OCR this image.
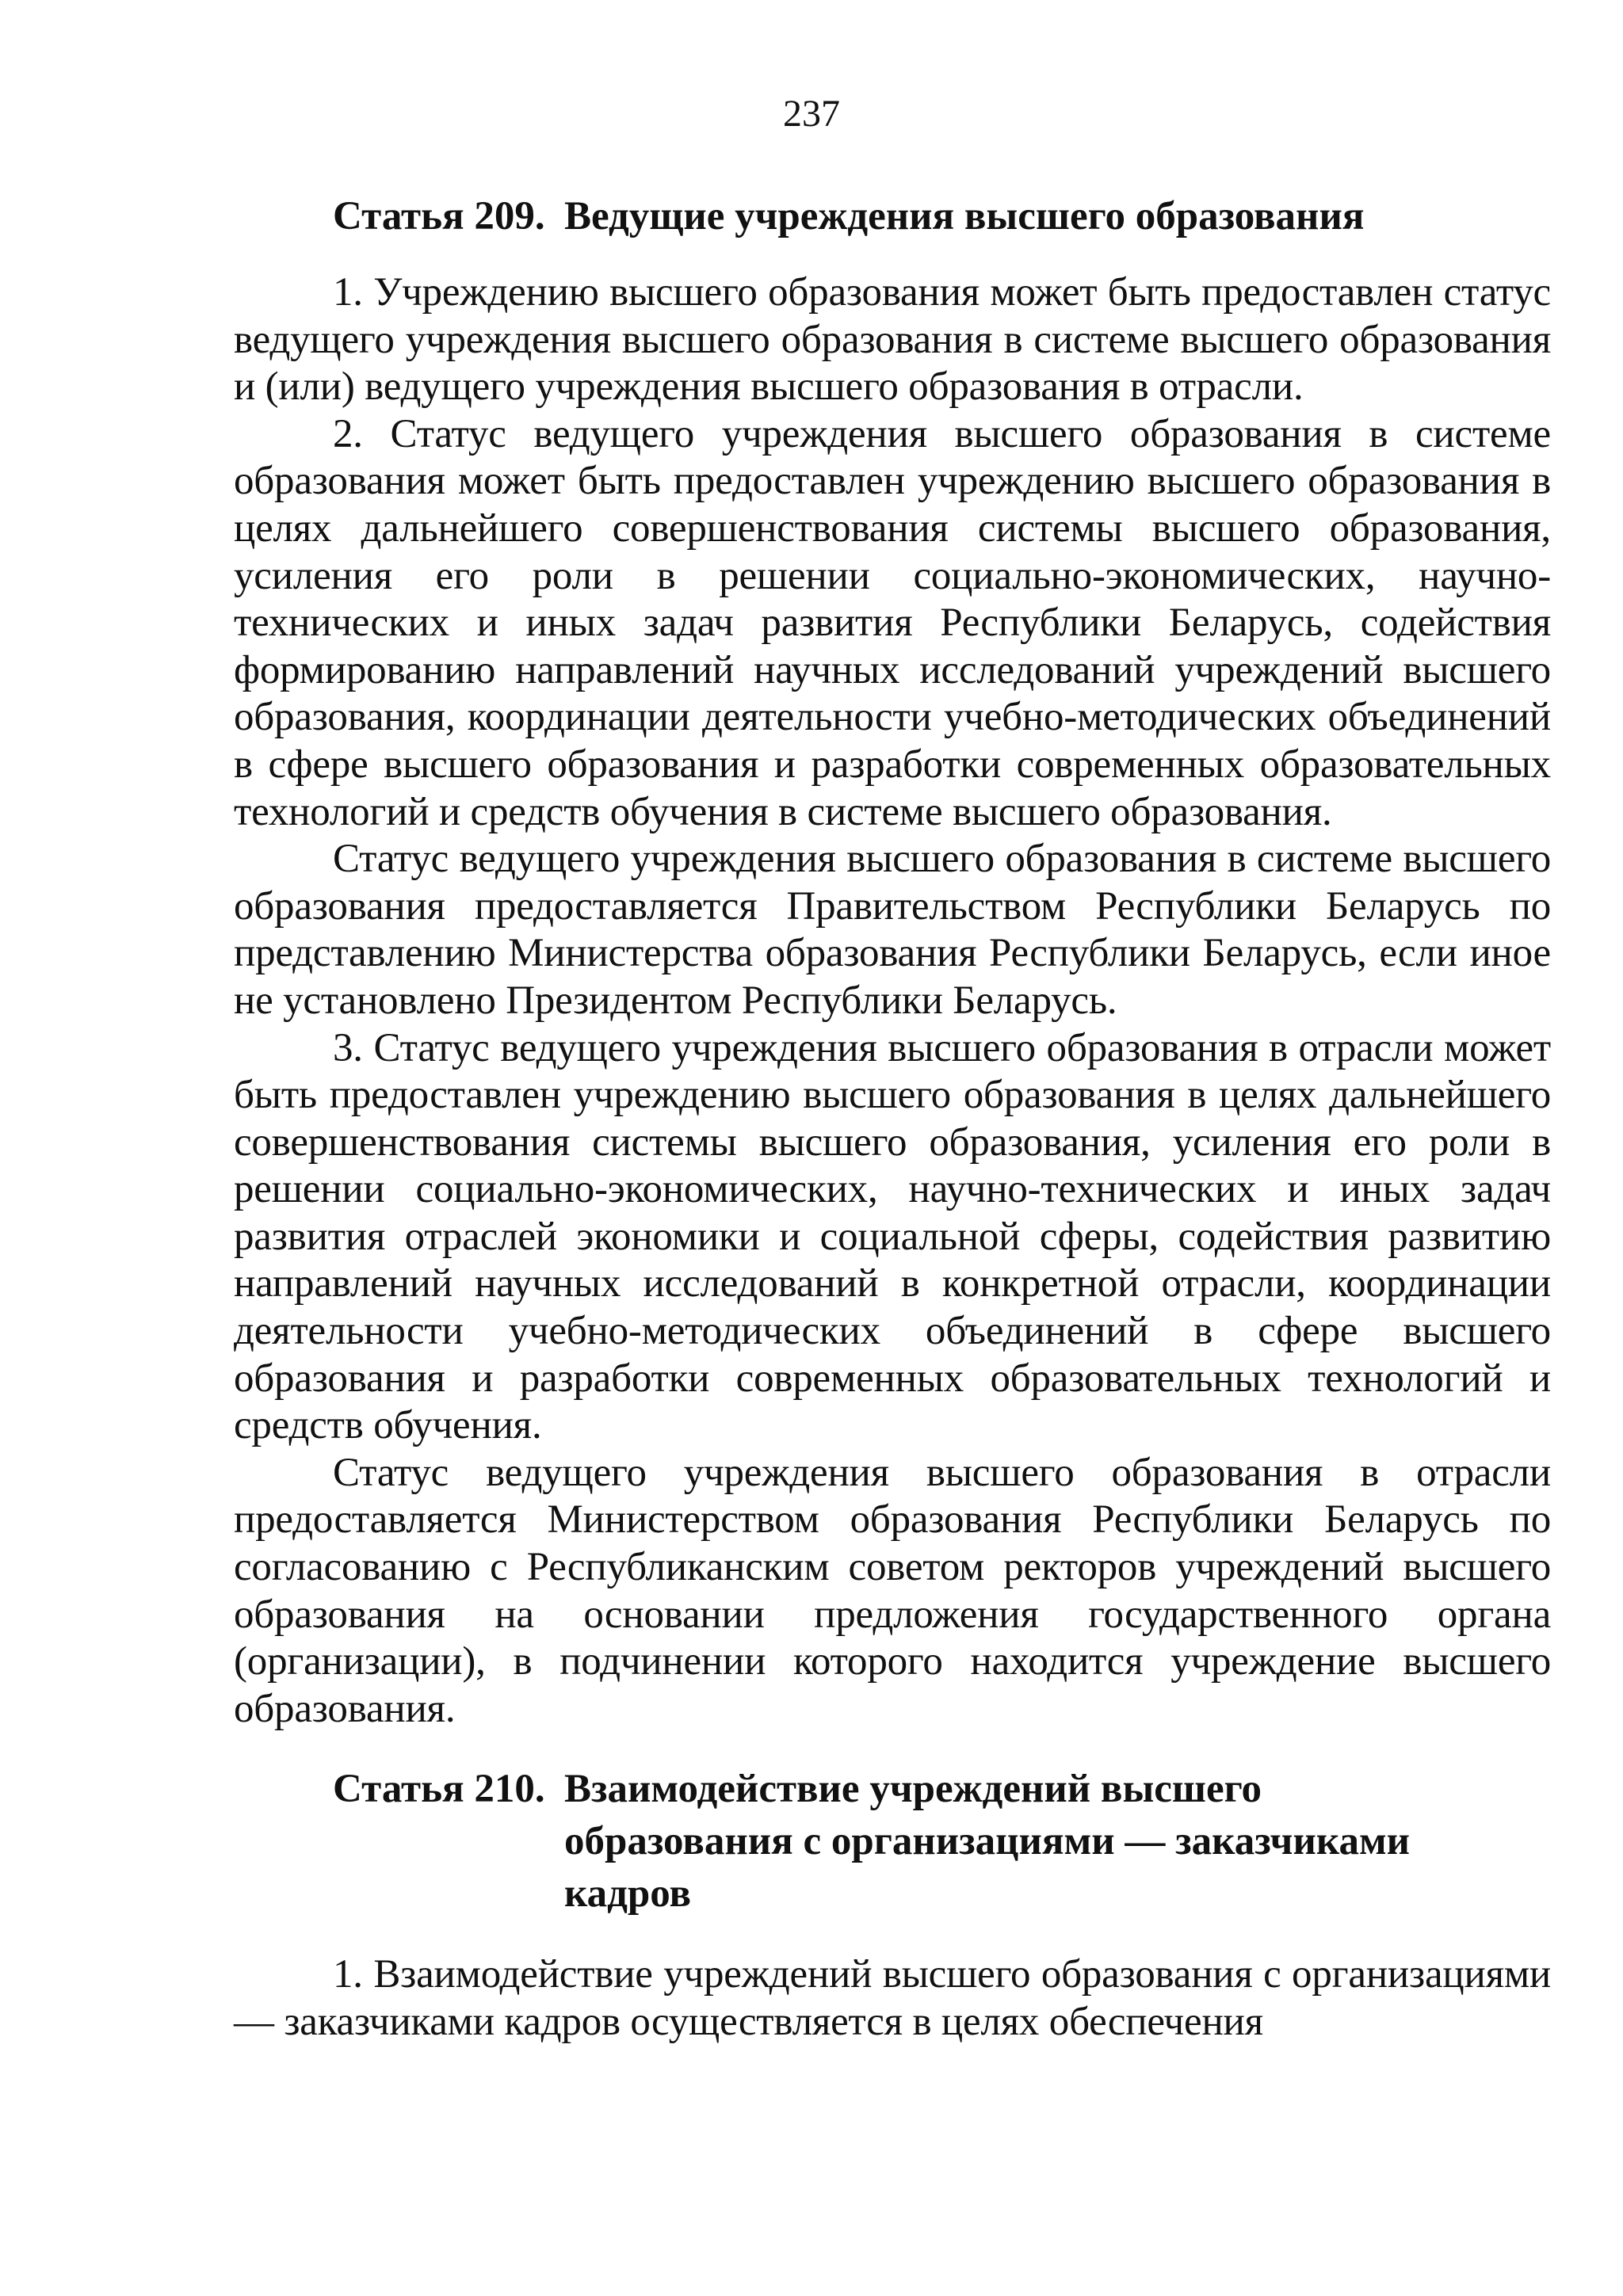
237
Статья 209. Ведущие учреждения высшего образования

1. Учреждению высшего образования может быть предоставлен статус ведущего учреждения высшего образования в системе высшего образования и (или) ведущего учреждения высшего образования в отрасли.

2. Статус ведущего учреждения высшего образования в системе образования может быть предоставлен учреждению высшего образования в целях дальнейшего совершенствования системы высшего образования, усиления его роли в решении социально-экономических, научно-технических и иных задач развития Республики Беларусь, содействия формированию направлений научных исследований учреждений высшего образования, координации деятельности учебно-методических объединений в сфере высшего образования и разработки современных образовательных технологий и средств обучения в системе высшего образования.

Статус ведущего учреждения высшего образования в системе высшего образования предоставляется Правительством Республики Беларусь по представлению Министерства образования Республики Беларусь, если иное не установлено Президентом Республики Беларусь.

3. Статус ведущего учреждения высшего образования в отрасли может быть предоставлен учреждению высшего образования в целях дальнейшего совершенствования системы высшего образования, усиления его роли в решении социально-экономических, научно-технических и иных задач развития отраслей экономики и социальной сферы, содействия развитию направлений научных исследований в конкретной отрасли, координации деятельности учебно-методических объединений в сфере высшего образования и разработки современных образовательных технологий и средств обучения.

Статус ведущего учреждения высшего образования в отрасли предоставляется Министерством образования Республики Беларусь по согласованию с Республиканским советом ректоров учреждений высшего образования на основании предложения государственного органа (организации), в подчинении которого находится учреждение высшего образования.

Статья 210. Взаимодействие учреждений высшего образования с организациями — заказчиками кадров

1. Взаимодействие учреждений высшего образования с организациями — заказчиками кадров осуществляется в целях обеспечения
